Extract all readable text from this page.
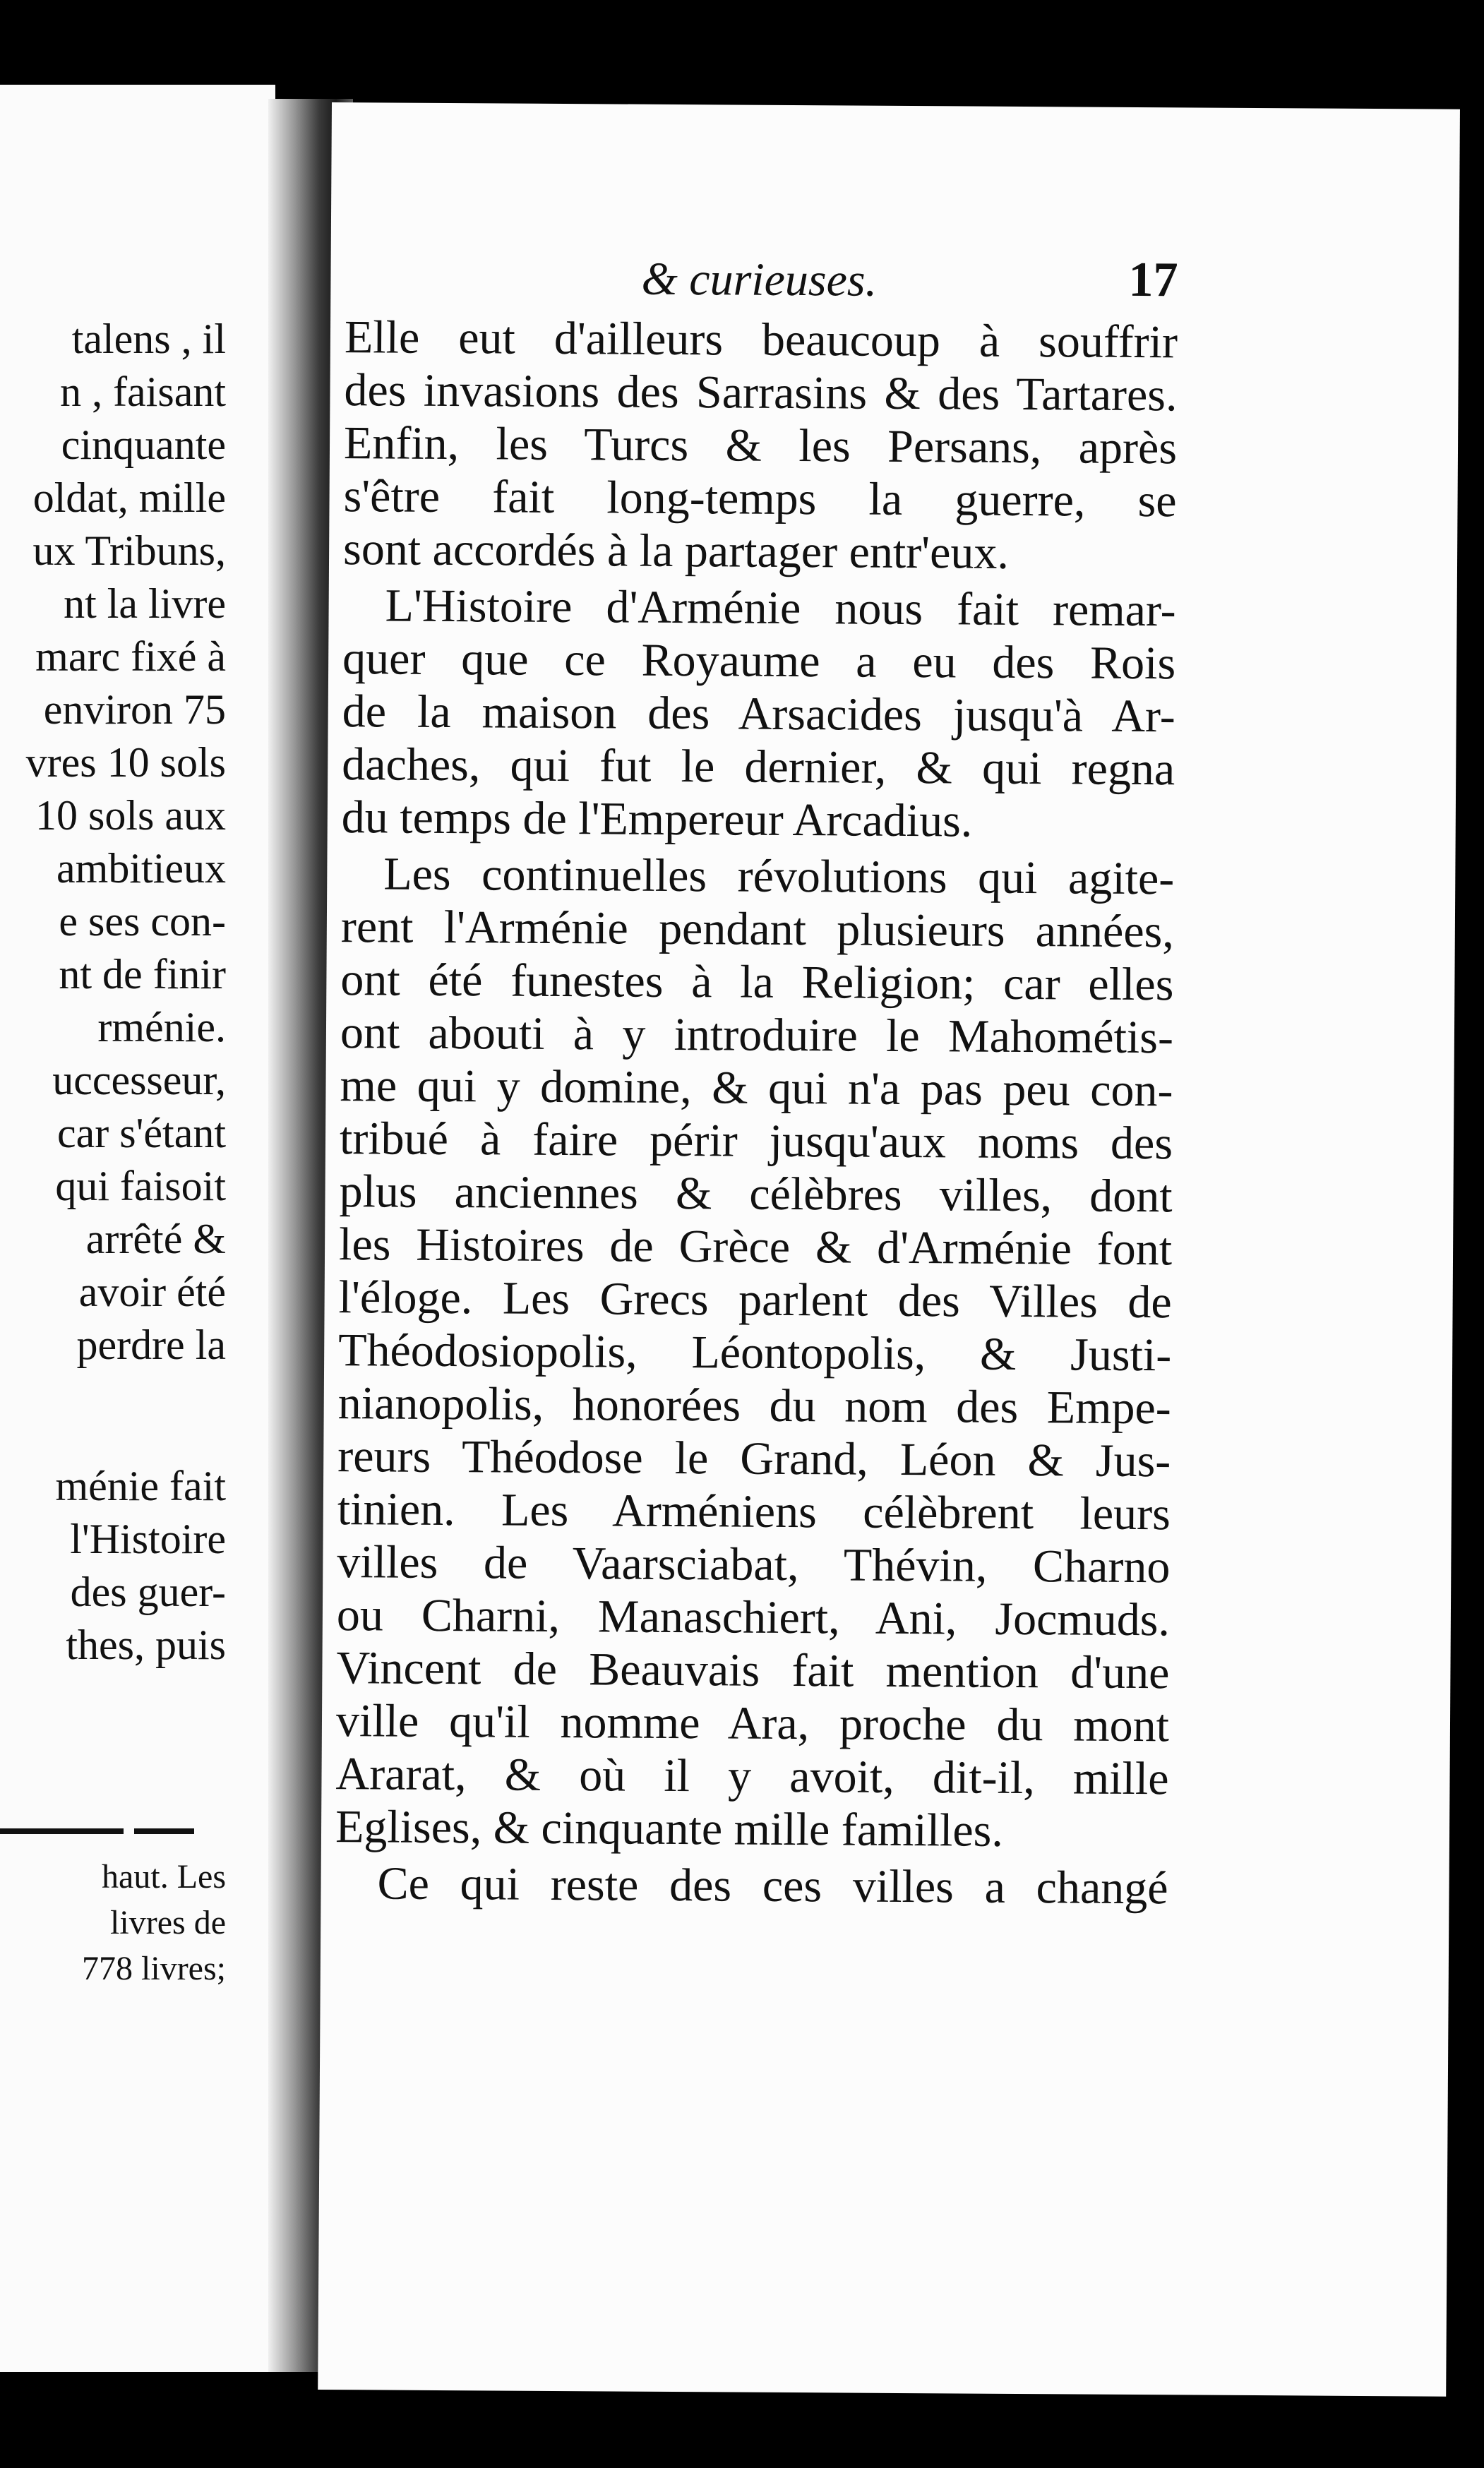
talens , il
n , faisant
cinquante
oldat, mille
ux Tribuns,
nt la livre
marc fixé à
environ 75
vres 10 sols
10 sols aux
ambitieux
e ses con-
nt de finir
rménie.
uccesseur,
car s'étant
qui faisoit
arrêté &
avoir été
perdre la
ménie fait
l'Histoire
des guer-
thes, puis
haut. Les
livres de
778 livres;
& curieuses.	17
Elle eut d'ailleurs beaucoup à souffrir
des invasions des Sarrasins & des Tartares.
Enfin, les Turcs & les Persans, après
s'être fait long-temps la guerre, se
sont accordés à la partager entr'eux.
L'Histoire d'Arménie nous fait remar-
quer que ce Royaume a eu des Rois
de la maison des Arsacides jusqu'à Ar-
daches, qui fut le dernier, & qui regna
du temps de l'Empereur Arcadius.
Les continuelles révolutions qui agite-
rent l'Arménie pendant plusieurs années,
ont été funestes à la Religion; car elles
ont abouti à y introduire le Mahométis-
me qui y domine, & qui n'a pas peu con-
tribué à faire périr jusqu'aux noms des
plus anciennes & célèbres villes, dont
les Histoires de Grèce & d'Arménie font
l'éloge. Les Grecs parlent des Villes de
Théodosiopolis, Léontopolis, & Justi-
nianopolis, honorées du nom des Empe-
reurs Théodose le Grand, Léon & Jus-
tinien. Les Arméniens célèbrent leurs
villes de Vaarsciabat, Thévin, Charno
ou Charni, Manaschiert, Ani, Jocmuds.
Vincent de Beauvais fait mention d'une
ville qu'il nomme Ara, proche du mont
Ararat, & où il y avoit, dit-il, mille
Eglises, & cinquante mille familles.
Ce qui reste des ces villes a changé
